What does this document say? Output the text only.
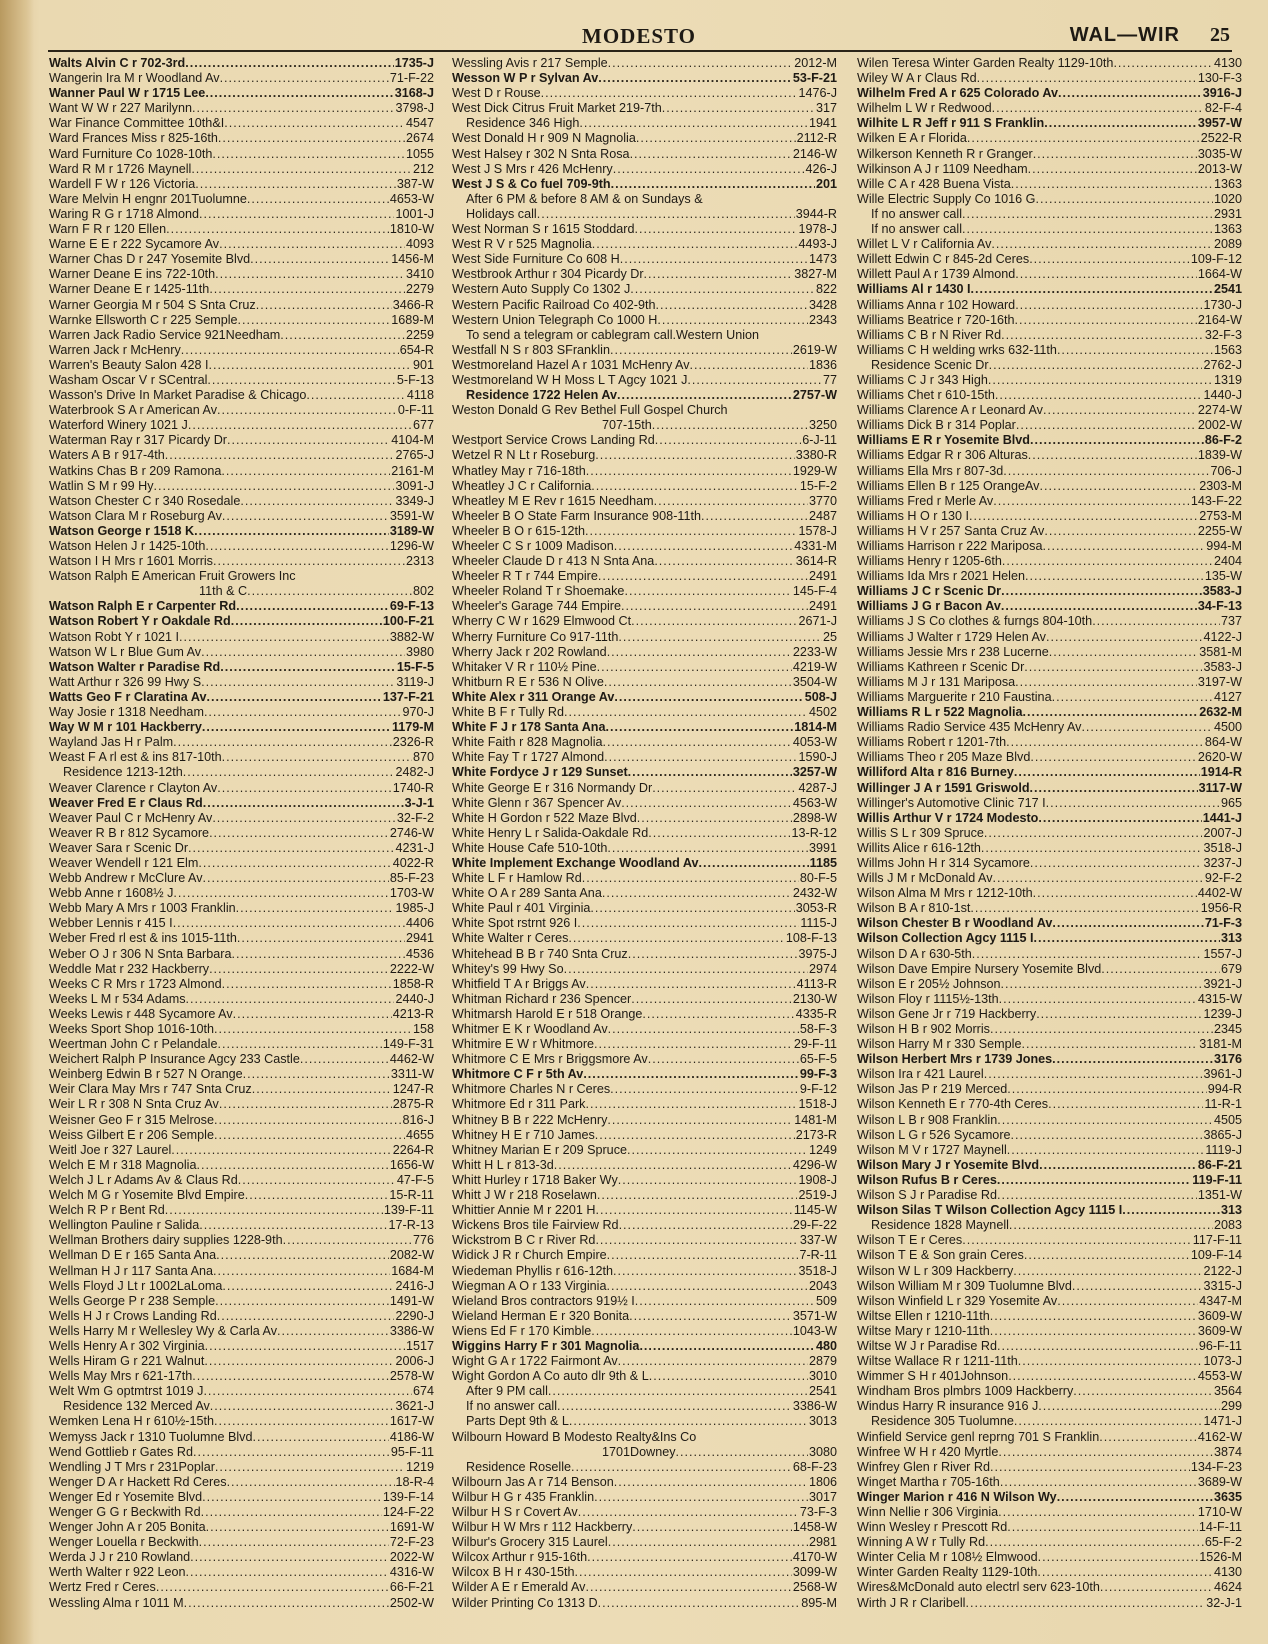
MODESTO	WAL—WIR 25
Walts Alvin C r 702-3rd .....	1735-J
Wangerin Ira M r Woodland Av .....	71-F-22
Wanner Paul W r 1715 Lee .....	3168-J
Want W W r 227 Marilynn .....	3798-J
War Finance Committee 10th&I .....	4547
Ward Frances Miss r 825-16th .....	2674
Ward Furniture Co 1028-10th .....	1055
Ward R M r 1726 Maynell .....	212
Wardell F W r 126 Victoria .....	387-W
Ware Melvin H engnr 201Tuolumne .....	4653-W
Waring R G r 1718 Almond .....	1001-J
Warn F R r 120 Ellen .....	1810-W
Warne E E r 222 Sycamore Av .....	4093
Warner Chas D r 247 Yosemite Blvd .....	1456-M
Warner Deane E ins 722-10th .....	3410
Warner Deane E r 1425-11th .....	2279
Warner Georgia M r 504 S Snta Cruz .....	3466-R
Warnke Ellsworth C r 225 Semple .....	1689-M
Warren Jack Radio Service 921Needham .....	2259
Warren Jack r McHenry .....	654-R
Warren's Beauty Salon 428 I .....	901
Washam Oscar V r SCentral .....	5-F-13
Wasson's Drive In Market Paradise & Chicago .....	4118
Waterbrook S A r American Av .....	0-F-11
Waterford Winery 1021 J .....	677
Waterman Ray r 317 Picardy Dr .....	4104-M
Waters A B r 917-4th .....	2765-J
Watkins Chas B r 209 Ramona .....	2161-M
Watlin S M r 99 Hy .....	3091-J
Watson Chester C r 340 Rosedale .....	3349-J
Watson Clara M r Roseburg Av .....	3591-W
Watson George r 1518 K .....	3189-W
Watson Helen J r 1425-10th .....	1296-W
Watson I H Mrs r 1601 Morris .....	2313
Watson Ralph E American Fruit Growers Inc
11th & C .....	802
Watson Ralph E r Carpenter Rd .....	69-F-13
Watson Robert Y r Oakdale Rd .....	100-F-21
Watson Robt Y r 1021 I .....	3882-W
Watson W L r Blue Gum Av .....	3980
Watson Walter r Paradise Rd .....	15-F-5
Watt Arthur r 326 99 Hwy S .....	3119-J
Watts Geo F r Claratina Av .....	137-F-21
Way Josie r 1318 Needham .....	970-J
Way W M r 101 Hackberry .....	1179-M
Wayland Jas H r Palm .....	2326-R
Weast F A rl est & ins 817-10th .....	870
Residence 1213-12th .....	2482-J
Weaver Clarence r Clayton Av .....	1740-R
Weaver Fred E r Claus Rd .....	3-J-1
Weaver Paul C r McHenry Av .....	32-F-2
Weaver R B r 812 Sycamore .....	2746-W
Weaver Sara r Scenic Dr .....	4231-J
Weaver Wendell r 121 Elm .....	4022-R
Webb Andrew r McClure Av .....	85-F-23
Webb Anne r 1608½ J .....	1703-W
Webb Mary A Mrs r 1003 Franklin .....	1985-J
Webber Lennis r 415 I .....	4406
Weber Fred rl est & ins 1015-11th .....	2941
Weber O J r 306 N Snta Barbara .....	4536
Weddle Mat r 232 Hackberry .....	2222-W
Weeks C R Mrs r 1723 Almond .....	1858-R
Weeks L M r 534 Adams .....	2440-J
Weeks Lewis r 448 Sycamore Av .....	4213-R
Weeks Sport Shop 1016-10th .....	158
Weertman John C r Pelandale .....	149-F-31
Weichert Ralph P Insurance Agcy 233 Castle .....	4462-W
Weinberg Edwin B r 527 N Orange .....	3311-W
Weir Clara May Mrs r 747 Snta Cruz .....	1247-R
Weir L R r 308 N Snta Cruz Av .....	2875-R
Weisner Geo F r 315 Melrose .....	816-J
Weiss Gilbert E r 206 Semple .....	4655
Weitl Joe r 327 Laurel .....	2264-R
Welch E M r 318 Magnolia .....	1656-W
Welch J L r Adams Av & Claus Rd .....	47-F-5
Welch M G r Yosemite Blvd Empire .....	15-R-11
Welch R P r Bent Rd .....	139-F-11
Wellington Pauline r Salida .....	17-R-13
Wellman Brothers dairy supplies 1228-9th .....	776
Wellman D E r 165 Santa Ana .....	2082-W
Wellman H J r 117 Santa Ana .....	1684-M
Wells Floyd J Lt r 1002LaLoma .....	2416-J
Wells George P r 238 Semple .....	1491-W
Wells H J r Crows Landing Rd .....	2290-J
Wells Harry M r Wellesley Wy & Carla Av .....	3386-W
Wells Henry A r 302 Virginia .....	1517
Wells Hiram G r 221 Walnut .....	2006-J
Wells May Mrs r 621-17th .....	2578-W
Welt Wm G optmtrst 1019 J .....	674
Residence 132 Merced Av .....	3621-J
Wemken Lena H r 610½-15th .....	1617-W
Wemyss Jack r 1310 Tuolumne Blvd .....	4186-W
Wend Gottlieb r Gates Rd .....	95-F-11
Wendling J T Mrs r 231Poplar .....	1219
Wenger D A r Hackett Rd Ceres .....	18-R-4
Wenger Ed r Yosemite Blvd .....	139-F-14
Wenger G G r Beckwith Rd .....	124-F-22
Wenger John A r 205 Bonita .....	1691-W
Wenger Louella r Beckwith .....	72-F-23
Werda J J r 210 Rowland .....	2022-W
Werth Walter r 922 Leon .....	4316-W
Wertz Fred r Ceres .....	66-F-21
Wessling Alma r 1011 M .....	2502-W
Wessling Avis r 217 Semple .....	2012-M
Wesson W P r Sylvan Av .....	53-F-21
West D r Rouse .....	1476-J
West Dick Citrus Fruit Market 219-7th .....	317
Residence 346 High .....	1941
West Donald H r 909 N Magnolia .....	2112-R
West Halsey r 302 N Snta Rosa .....	2146-W
West J S Mrs r 426 McHenry .....	426-J
West J S & Co fuel 709-9th .....	201
After 6 PM & before 8 AM & on Sundays &
Holidays call .....	3944-R
West Norman S r 1615 Stoddard .....	1978-J
West R V r 525 Magnolia .....	4493-J
West Side Furniture Co 608 H .....	1473
Westbrook Arthur r 304 Picardy Dr .....	3827-M
Western Auto Supply Co 1302 J .....	822
Western Pacific Railroad Co 402-9th .....	3428
Western Union Telegraph Co 1000 H .....	2343
To send a telegram or cablegram call.Western Union
Westfall N S r 803 SFranklin .....	2619-W
Westmoreland Hazel A r 1031 McHenry Av .....	1836
Westmoreland W H Moss L T Agcy 1021 J .....	77
Residence 1722 Helen Av .....	2757-W
Weston Donald G Rev Bethel Full Gospel Church
707-15th .....	3250
Westport Service Crows Landing Rd .....	6-J-11
Wetzel R N Lt r Roseburg .....	3380-R
Whatley May r 716-18th .....	1929-W
Wheatley J C r California .....	15-F-2
Wheatley M E Rev r 1615 Needham .....	3770
Wheeler B O State Farm Insurance 908-11th .....	2487
Wheeler B O r 615-12th .....	1578-J
Wheeler C S r 1009 Madison .....	4331-M
Wheeler Claude D r 413 N Snta Ana .....	3614-R
Wheeler R T r 744 Empire .....	2491
Wheeler Roland T r Shoemake .....	145-F-4
Wheeler's Garage 744 Empire .....	2491
Wherry C W r 1629 Elmwood Ct .....	2671-J
Wherry Furniture Co 917-11th .....	25
Wherry Jack r 202 Rowland .....	2233-W
Whitaker V R r 110½ Pine .....	4219-W
Whitburn R E r 536 N Olive .....	3504-W
White Alex r 311 Orange Av .....	508-J
White B F r Tully Rd .....	4502
White F J r 178 Santa Ana .....	1814-M
White Faith r 828 Magnolia .....	4053-W
White Fay T r 1727 Almond .....	1590-J
White Fordyce J r 129 Sunset .....	3257-W
White George E r 316 Normandy Dr .....	4287-J
White Glenn r 367 Spencer Av .....	4563-W
White H Gordon r 522 Maze Blvd .....	2898-W
White Henry L r Salida-Oakdale Rd .....	13-R-12
White House Cafe 510-10th .....	3991
White Implement Exchange Woodland Av .....	1185
White L F r Hamlow Rd .....	80-F-5
White O A r 289 Santa Ana .....	2432-W
White Paul r 401 Virginia .....	3053-R
White Spot rstrnt 926 I .....	1115-J
White Walter r Ceres .....	108-F-13
Whitehead B B r 740 Snta Cruz .....	3975-J
Whitey's 99 Hwy So .....	2974
Whitfield T A r Briggs Av .....	4113-R
Whitman Richard r 236 Spencer .....	2130-W
Whitmarsh Harold E r 518 Orange .....	4335-R
Whitmer E K r Woodland Av .....	58-F-3
Whitmire E W r Whitmore .....	29-F-11
Whitmore C E Mrs r Briggsmore Av .....	65-F-5
Whitmore C F r 5th Av .....	99-F-3
Whitmore Charles N r Ceres .....	9-F-12
Whitmore Ed r 311 Park .....	1518-J
Whitney B B r 222 McHenry .....	1481-M
Whitney H E r 710 James .....	2173-R
Whitney Marian E r 209 Spruce .....	1249
Whitt H L r 813-3d .....	4296-W
Whitt Hurley r 1718 Baker Wy .....	1908-J
Whitt J W r 218 Roselawn .....	2519-J
Whittier Annie M r 2201 H .....	1145-W
Wickens Bros tile Fairview Rd .....	29-F-22
Wickstrom B C r River Rd .....	337-W
Widick J R r Church Empire .....	7-R-11
Wiedeman Phyllis r 616-12th .....	3518-J
Wiegman A O r 133 Virginia .....	2043
Wieland Bros contractors 919½ I .....	509
Wieland Herman E r 320 Bonita .....	3571-W
Wiens Ed F r 170 Kimble .....	1043-W
Wiggins Harry F r 301 Magnolia .....	480
Wight G A r 1722 Fairmont Av .....	2879
Wight Gordon A Co auto dlr 9th & L .....	3010
After 9 PM call .....	2541
If no answer call .....	3386-W
Parts Dept 9th & L .....	3013
Wilbourn Howard B Modesto Realty&Ins Co
1701Downey .....	3080
Residence Roselle .....	68-F-23
Wilbourn Jas A r 714 Benson .....	1806
Wilbur H G r 435 Franklin .....	3017
Wilbur H S r Covert Av .....	73-F-3
Wilbur H W Mrs r 112 Hackberry .....	1458-W
Wilbur's Grocery 315 Laurel .....	2981
Wilcox Arthur r 915-16th .....	4170-W
Wilcox B H r 430-15th .....	3099-W
Wilder A E r Emerald Av .....	2568-W
Wilder Printing Co 1313 D .....	895-M
Wilen Teresa Winter Garden Realty 1129-10th .....	4130
Wiley W A r Claus Rd .....	130-F-3
Wilhelm Fred A r 625 Colorado Av .....	3916-J
Wilhelm L W r Redwood .....	82-F-4
Wilhite L R Jeff r 911 S Franklin .....	3957-W
Wilken E A r Florida .....	2522-R
Wilkerson Kenneth R r Granger .....	3035-W
Wilkinson A J r 1109 Needham .....	2013-W
Wille C A r 428 Buena Vista .....	1363
Wille Electric Supply Co 1016 G .....	1020
If no answer call .....	2931
If no answer call .....	1363
Willet L V r California Av .....	2089
Willett Edwin C r 845-2d Ceres .....	109-F-12
Willett Paul A r 1739 Almond .....	1664-W
Williams Al r 1430 I .....	2541
Williams Anna r 102 Howard .....	1730-J
Williams Beatrice r 720-16th .....	2164-W
Williams C B r N River Rd .....	32-F-3
Williams C H welding wrks 632-11th .....	1563
Residence Scenic Dr .....	2762-J
Williams C J r 343 High .....	1319
Williams Chet r 610-15th .....	1440-J
Williams Clarence A r Leonard Av .....	2274-W
Williams Dick B r 314 Poplar .....	2002-W
Williams E R r Yosemite Blvd .....	86-F-2
Williams Edgar R r 306 Alturas .....	1839-W
Williams Ella Mrs r 807-3d .....	706-J
Williams Ellen B r 125 OrangeAv .....	2303-M
Williams Fred r Merle Av .....	143-F-22
Williams H O r 130 I .....	2753-M
Williams H V r 257 Santa Cruz Av .....	2255-W
Williams Harrison r 222 Mariposa .....	994-M
Williams Henry r 1205-6th .....	2404
Williams Ida Mrs r 2021 Helen .....	135-W
Williams J C r Scenic Dr .....	3583-J
Williams J G r Bacon Av .....	34-F-13
Williams J S Co clothes & furngs 804-10th .....	737
Williams J Walter r 1729 Helen Av .....	4122-J
Williams Jessie Mrs r 238 Lucerne .....	3581-M
Williams Kathreen r Scenic Dr .....	3583-J
Williams M J r 131 Mariposa .....	3197-W
Williams Marguerite r 210 Faustina .....	4127
Williams R L r 522 Magnolia .....	2632-M
Williams Radio Service 435 McHenry Av .....	4500
Williams Robert r 1201-7th .....	864-W
Williams Theo r 205 Maze Blvd .....	2620-W
Williford Alta r 816 Burney .....	1914-R
Willinger J A r 1591 Griswold .....	3117-W
Willinger's Automotive Clinic 717 I .....	965
Willis Arthur V r 1724 Modesto .....	1441-J
Willis S L r 309 Spruce .....	2007-J
Willits Alice r 616-12th .....	3518-J
Willms John H r 314 Sycamore .....	3237-J
Wills J M r McDonald Av .....	92-F-2
Wilson Alma M Mrs r 1212-10th .....	4402-W
Wilson B A r 810-1st .....	1956-R
Wilson Chester B r Woodland Av .....	71-F-3
Wilson Collection Agcy 1115 I .....	313
Wilson D A r 630-5th .....	1557-J
Wilson Dave Empire Nursery Yosemite Blvd .....	679
Wilson E r 205½ Johnson .....	3921-J
Wilson Floy r 1115½-13th .....	4315-W
Wilson Gene Jr r 719 Hackberry .....	1239-J
Wilson H B r 902 Morris .....	2345
Wilson Harry M r 330 Semple .....	3181-M
Wilson Herbert Mrs r 1739 Jones .....	3176
Wilson Ira r 421 Laurel .....	3961-J
Wilson Jas P r 219 Merced .....	994-R
Wilson Kenneth E r 770-4th Ceres .....	11-R-1
Wilson L B r 908 Franklin .....	4505
Wilson L G r 526 Sycamore .....	3865-J
Wilson M V r 1727 Maynell .....	1119-J
Wilson Mary J r Yosemite Blvd .....	86-F-21
Wilson Rufus B r Ceres .....	119-F-11
Wilson S J r Paradise Rd .....	1351-W
Wilson Silas T Wilson Collection Agcy 1115 I .....	313
Residence 1828 Maynell .....	2083
Wilson T E r Ceres .....	117-F-11
Wilson T E & Son grain Ceres .....	109-F-14
Wilson W L r 309 Hackberry .....	2122-J
Wilson William M r 309 Tuolumne Blvd .....	3315-J
Wilson Winfield L r 329 Yosemite Av .....	4347-M
Wiltse Ellen r 1210-11th .....	3609-W
Wiltse Mary r 1210-11th .....	3609-W
Wiltse W J r Paradise Rd .....	96-F-11
Wiltse Wallace R r 1211-11th .....	1073-J
Wimmer S H r 401Johnson .....	4553-W
Windham Bros plmbrs 1009 Hackberry .....	3564
Windus Harry R insurance 916 J .....	299
Residence 305 Tuolumne .....	1471-J
Winfield Service genl reprng 701 S Franklin .....	4162-W
Winfree W H r 420 Myrtle .....	3874
Winfrey Glen r River Rd .....	134-F-23
Winget Martha r 705-16th .....	3689-W
Winger Marion r 416 N Wilson Wy .....	3635
Winn Nellie r 306 Virginia .....	1710-W
Winn Wesley r Prescott Rd .....	14-F-11
Winning A W r Tully Rd .....	65-F-2
Winter Celia M r 108½ Elmwood .....	1526-M
Winter Garden Realty 1129-10th .....	4130
Wires&McDonald auto electrl serv 623-10th .....	4624
Wirth J R r Claribell .....	32-J-1
